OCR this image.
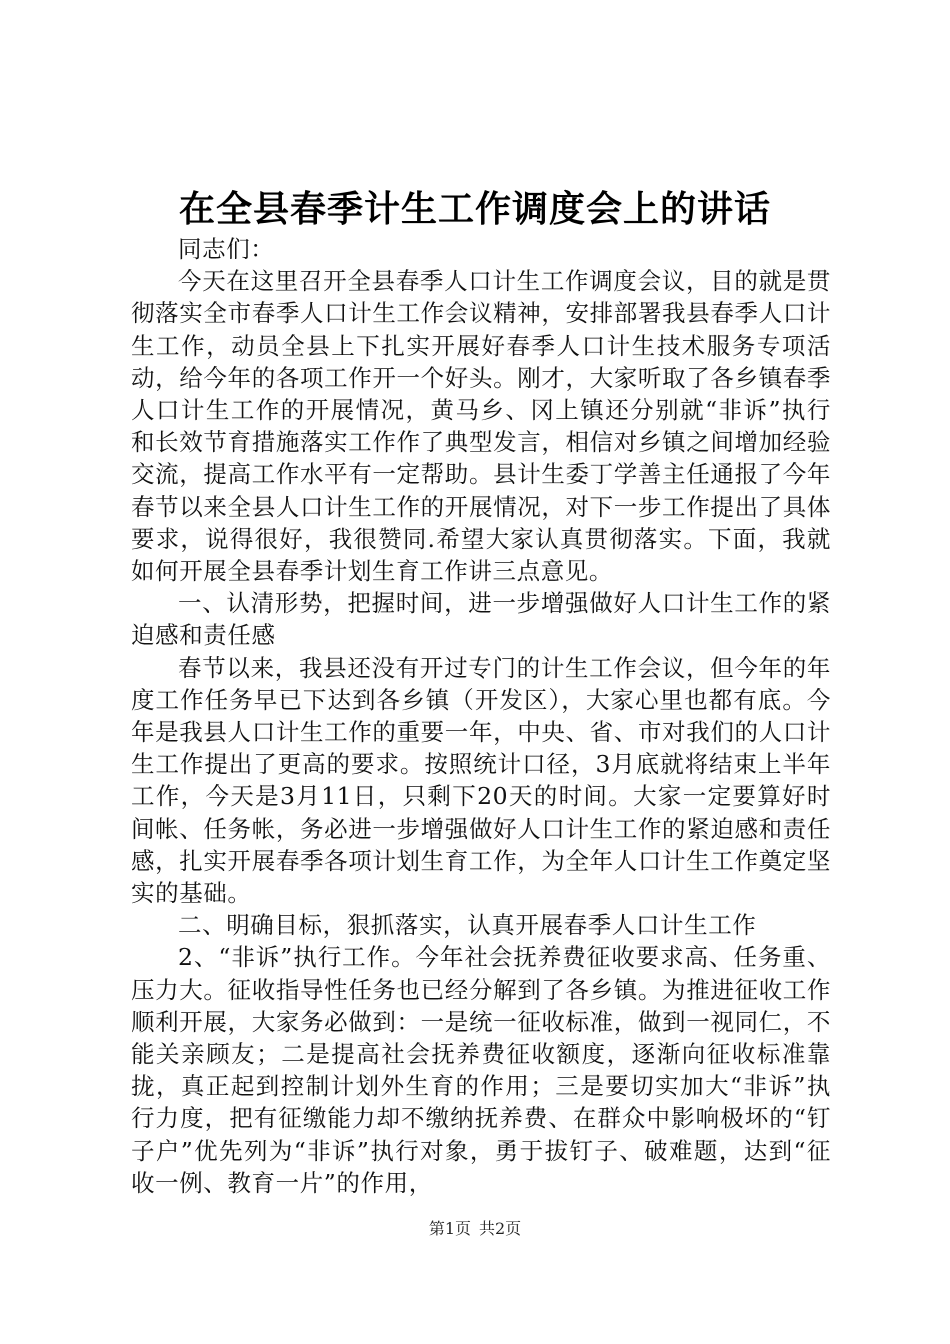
在全县春季计生工作调度会上的讲话

同志们：

今天在这里召开全县春季人口计生工作调度会议，目的就是贯彻落实全市春季人口计生工作会议精神，安排部署我县春季人口计生工作，动员全县上下扎实开展好春季人口计生技术服务专项活动，给今年的各项工作开一个好头。刚才，大家听取了各乡镇春季人口计生工作的开展情况，黄马乡、冈上镇还分别就“非诉”执行和长效节育措施落实工作作了典型发言，相信对乡镇之间增加经验交流，提高工作水平有一定帮助。县计生委丁学善主任通报了今年春节以来全县人口计生工作的开展情况，对下一步工作提出了具体要求，说得很好，我很赞同.希望大家认真贯彻落实。下面，我就如何开展全县春季计划生育工作讲三点意见。

一、认清形势，把握时间，进一步增强做好人口计生工作的紧迫感和责任感

春节以来，我县还没有开过专门的计生工作会议，但今年的年度工作任务早已下达到各乡镇（开发区），大家心里也都有底。今年是我县人口计生工作的重要一年，中央、省、市对我们的人口计生工作提出了更高的要求。按照统计口径，3月底就将结束上半年工作，今天是3月11日，只剩下20天的时间。大家一定要算好时间帐、任务帐，务必进一步增强做好人口计生工作的紧迫感和责任感，扎实开展春季各项计划生育工作，为全年人口计生工作奠定坚实的基础。

二、明确目标，狠抓落实，认真开展春季人口计生工作

2、“非诉”执行工作。今年社会抚养费征收要求高、任务重、压力大。征收指导性任务也已经分解到了各乡镇。为推进征收工作顺利开展，大家务必做到：一是统一征收标准，做到一视同仁，不能关亲顾友；二是提高社会抚养费征收额度，逐渐向征收标准靠拢，真正起到控制计划外生育的作用；三是要切实加大“非诉”执行力度，把有征缴能力却不缴纳抚养费、在群众中影响极坏的“钉子户”优先列为“非诉”执行对象，勇于拔钉子、破难题，达到“征收一例、教育一片”的作用，

第1页 共2页
